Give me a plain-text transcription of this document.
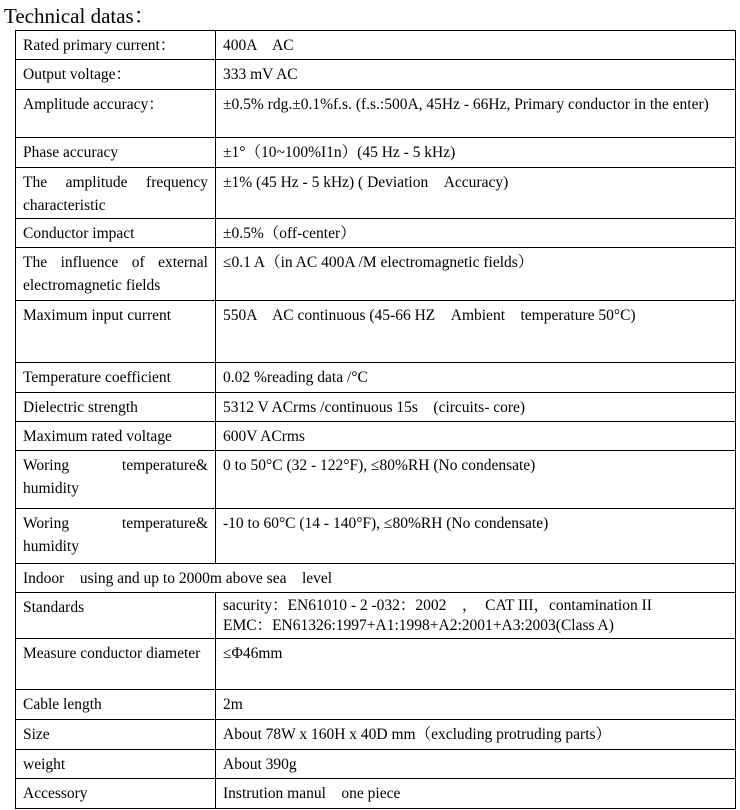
Technical datas：
Rated primary current：	400A　AC
Output voltage：	333 mV AC
Amplitude accuracy：	±0.5% rdg.±0.1%f.s. (f.s.:500A, 45Hz - 66Hz, Primary conductor in the enter)
Phase accuracy	±1°（10~100%I1n）(45 Hz - 5 kHz)
The amplitude frequency characteristic	±1% (45 Hz - 5 kHz) ( Deviation　Accuracy)
Conductor impact	±0.5%（off-center）
The influence of external electromagnetic fields	≤0.1 A（in AC 400A /M electromagnetic fields）
Maximum input current	550A　AC continuous (45-66 HZ　Ambient　temperature 50°C)
Temperature coefficient	0.02 %reading data /°C
Dielectric strength	5312 V ACrms /continuous 15s　(circuits- core)
Maximum rated voltage	600V ACrms
Woring temperature& humidity	0 to 50°C (32 - 122°F), ≤80%RH (No condensate)
Woring temperature& humidity	-10 to 60°C (14 - 140°F), ≤80%RH (No condensate)
Indoor　using and up to 2000m above sea　level	
Standards	sacurity：EN61010 - 2 -032：2002　，　CAT III，contamination II
EMC：EN61326:1997+A1:1998+A2:2001+A3:2003(Class A)

Measure conductor diameter	≤Φ46mm
Cable length	2m
Size	About 78W x 160H x 40D mm（excluding protruding parts）
weight	About 390g
Accessory	Instrution manul　one piece
